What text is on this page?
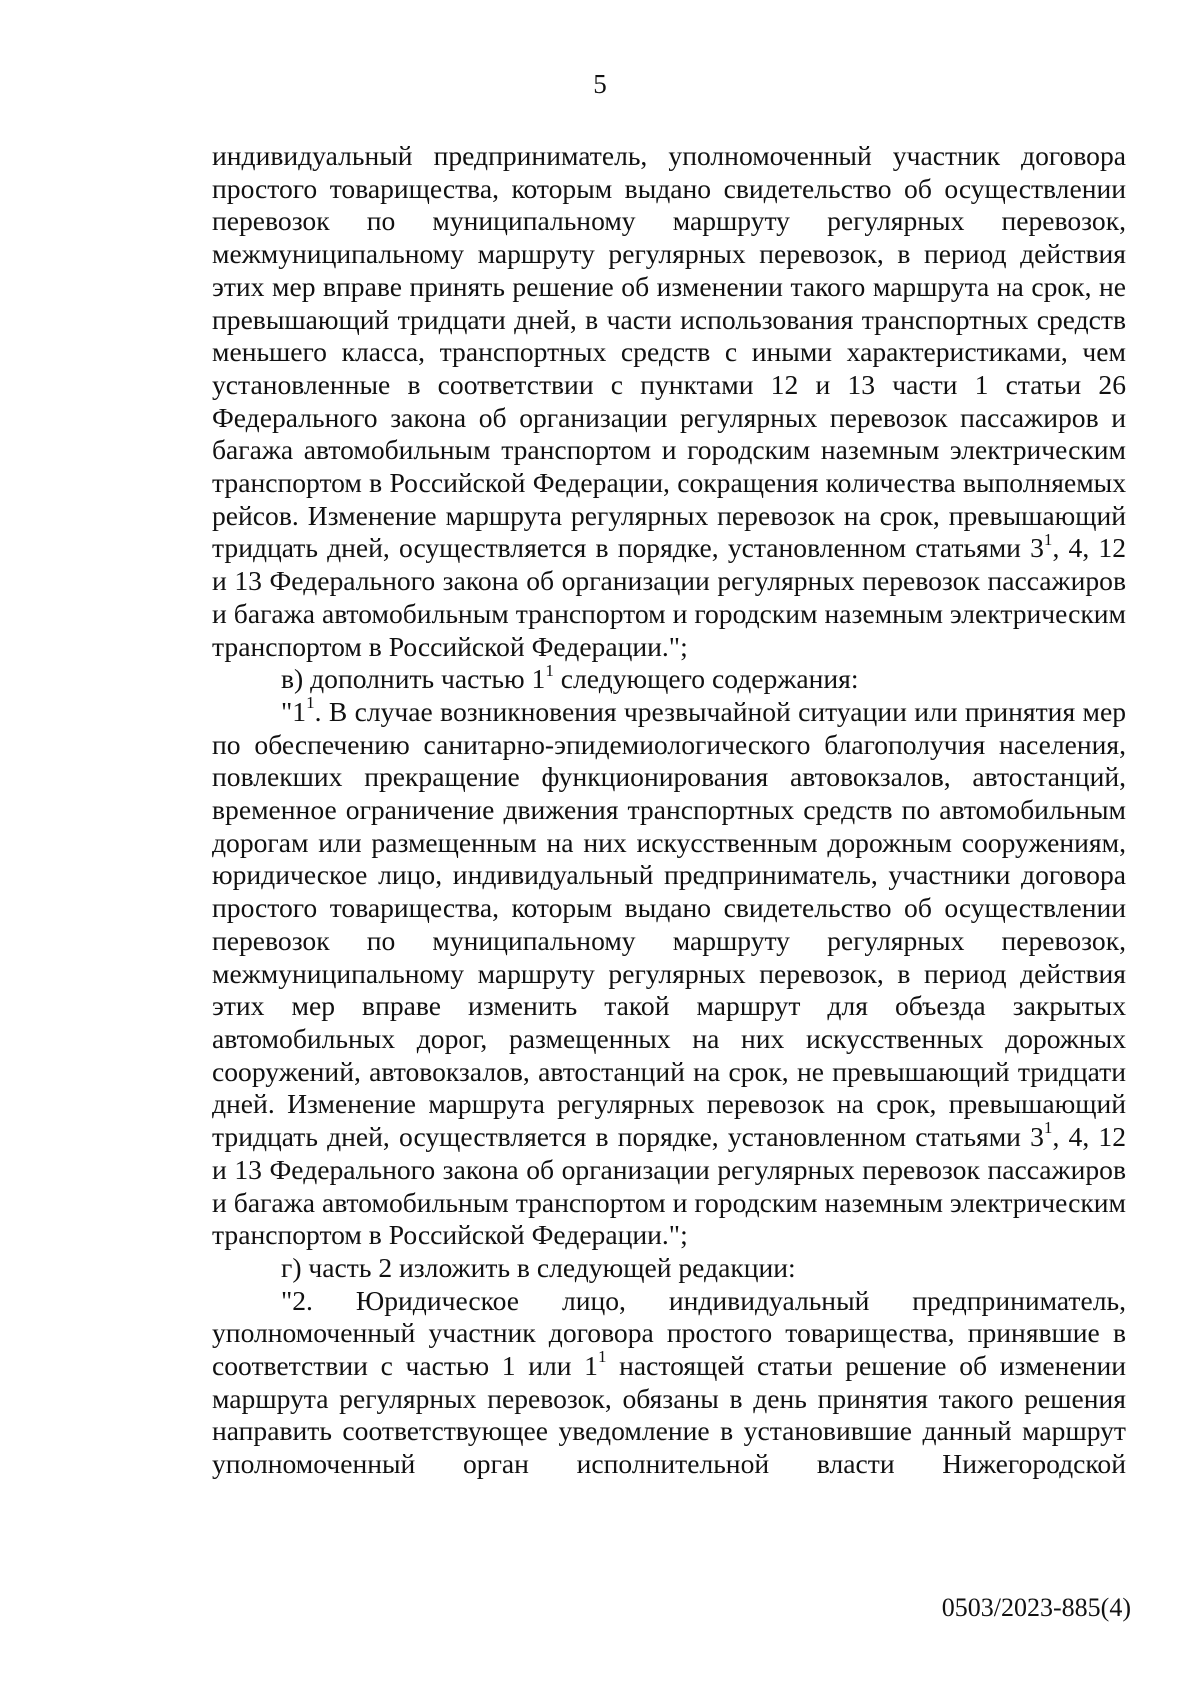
5

индивидуальный предприниматель, уполномоченный участник договора простого товарищества, которым выдано свидетельство об осуществлении перевозок по муниципальному маршруту регулярных перевозок, межмуниципальному маршруту регулярных перевозок, в период действия этих мер вправе принять решение об изменении такого маршрута на срок, не превышающий тридцати дней, в части использования транспортных средств меньшего класса, транспортных средств с иными характеристиками, чем установленные в соответствии с пунктами 12 и 13 части 1 статьи 26 Федерального закона об организации регулярных перевозок пассажиров и багажа автомобильным транспортом и городским наземным электрическим транспортом в Российской Федерации, сокращения количества выполняемых рейсов. Изменение маршрута регулярных перевозок на срок, превышающий тридцать дней, осуществляется в порядке, установленном статьями $3^1$, 4, 12 и 13 Федерального закона об организации регулярных перевозок пассажиров и багажа автомобильным транспортом и городским наземным электрическим транспортом в Российской Федерации.";

в) дополнить частью $1^1$ следующего содержания:

"$1^1$. В случае возникновения чрезвычайной ситуации или принятия мер по обеспечению санитарно-эпидемиологического благополучия населения, повлекших прекращение функционирования автовокзалов, автостанций, временное ограничение движения транспортных средств по автомобильным дорогам или размещенным на них искусственным дорожным сооружениям, юридическое лицо, индивидуальный предприниматель, участники договора простого товарищества, которым выдано свидетельство об осуществлении перевозок по муниципальному маршруту регулярных перевозок, межмуниципальному маршруту регулярных перевозок, в период действия этих мер вправе изменить такой маршрут для объезда закрытых автомобильных дорог, размещенных на них искусственных дорожных сооружений, автовокзалов, автостанций на срок, не превышающий тридцати дней. Изменение маршрута регулярных перевозок на срок, превышающий тридцать дней, осуществляется в порядке, установленном статьями $3^1$, 4, 12 и 13 Федерального закона об организации регулярных перевозок пассажиров и багажа автомобильным транспортом и городским наземным электрическим транспортом в Российской Федерации.";

г) часть 2 изложить в следующей редакции:

"2. Юридическое лицо, индивидуальный предприниматель, уполномоченный участник договора простого товарищества, принявшие в соответствии с частью 1 или $1^1$ настоящей статьи решение об изменении маршрута регулярных перевозок, обязаны в день принятия такого решения направить соответствующее уведомление в установившие данный маршрут уполномоченный орган исполнительной власти Нижегородской

0503/2023-885(4)
